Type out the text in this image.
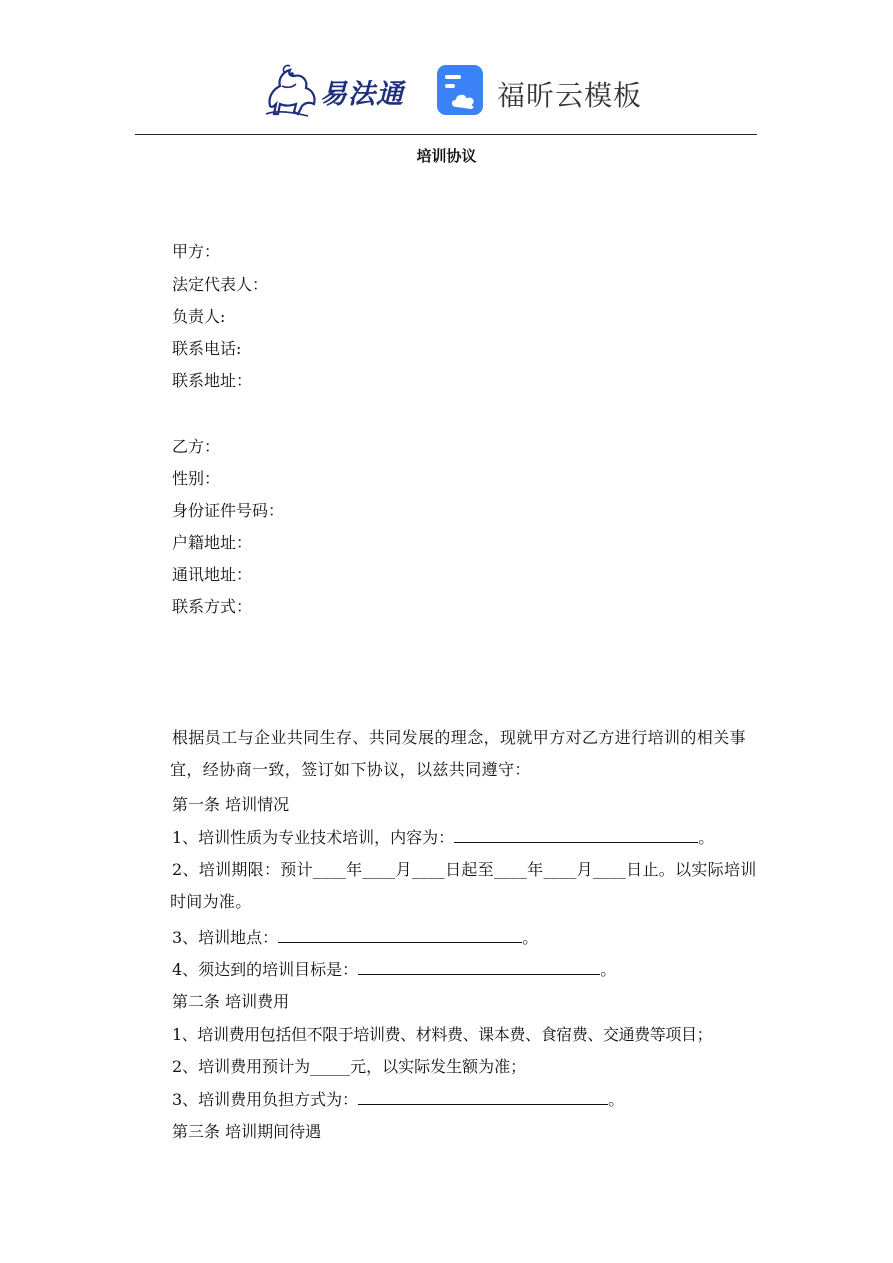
易法通	福昕云模板
培训协议
甲方：
法定代表人：
负责人:
联系电话:
联系地址：
乙方：
性别：
身份证件号码：
户籍地址：
通讯地址：
联系方式：
根据员工与企业共同生存、共同发展的理念，现就甲方对乙方进行培训的相关事宜，经协商一致，签订如下协议，以兹共同遵守：
第一条 培训情况
1、培训性质为专业技术培训，内容为：	。
2、培训期限：预计____年____月____日起至____年____月____日止。以实际培训时间为准。
3、培训地点：	。
4、须达到的培训目标是：	。
第二条 培训费用
1、培训费用包括但不限于培训费、材料费、课本费、食宿费、交通费等项目；
2、培训费用预计为_____元，以实际发生额为准；
3、培训费用负担方式为：	。
第三条 培训期间待遇
